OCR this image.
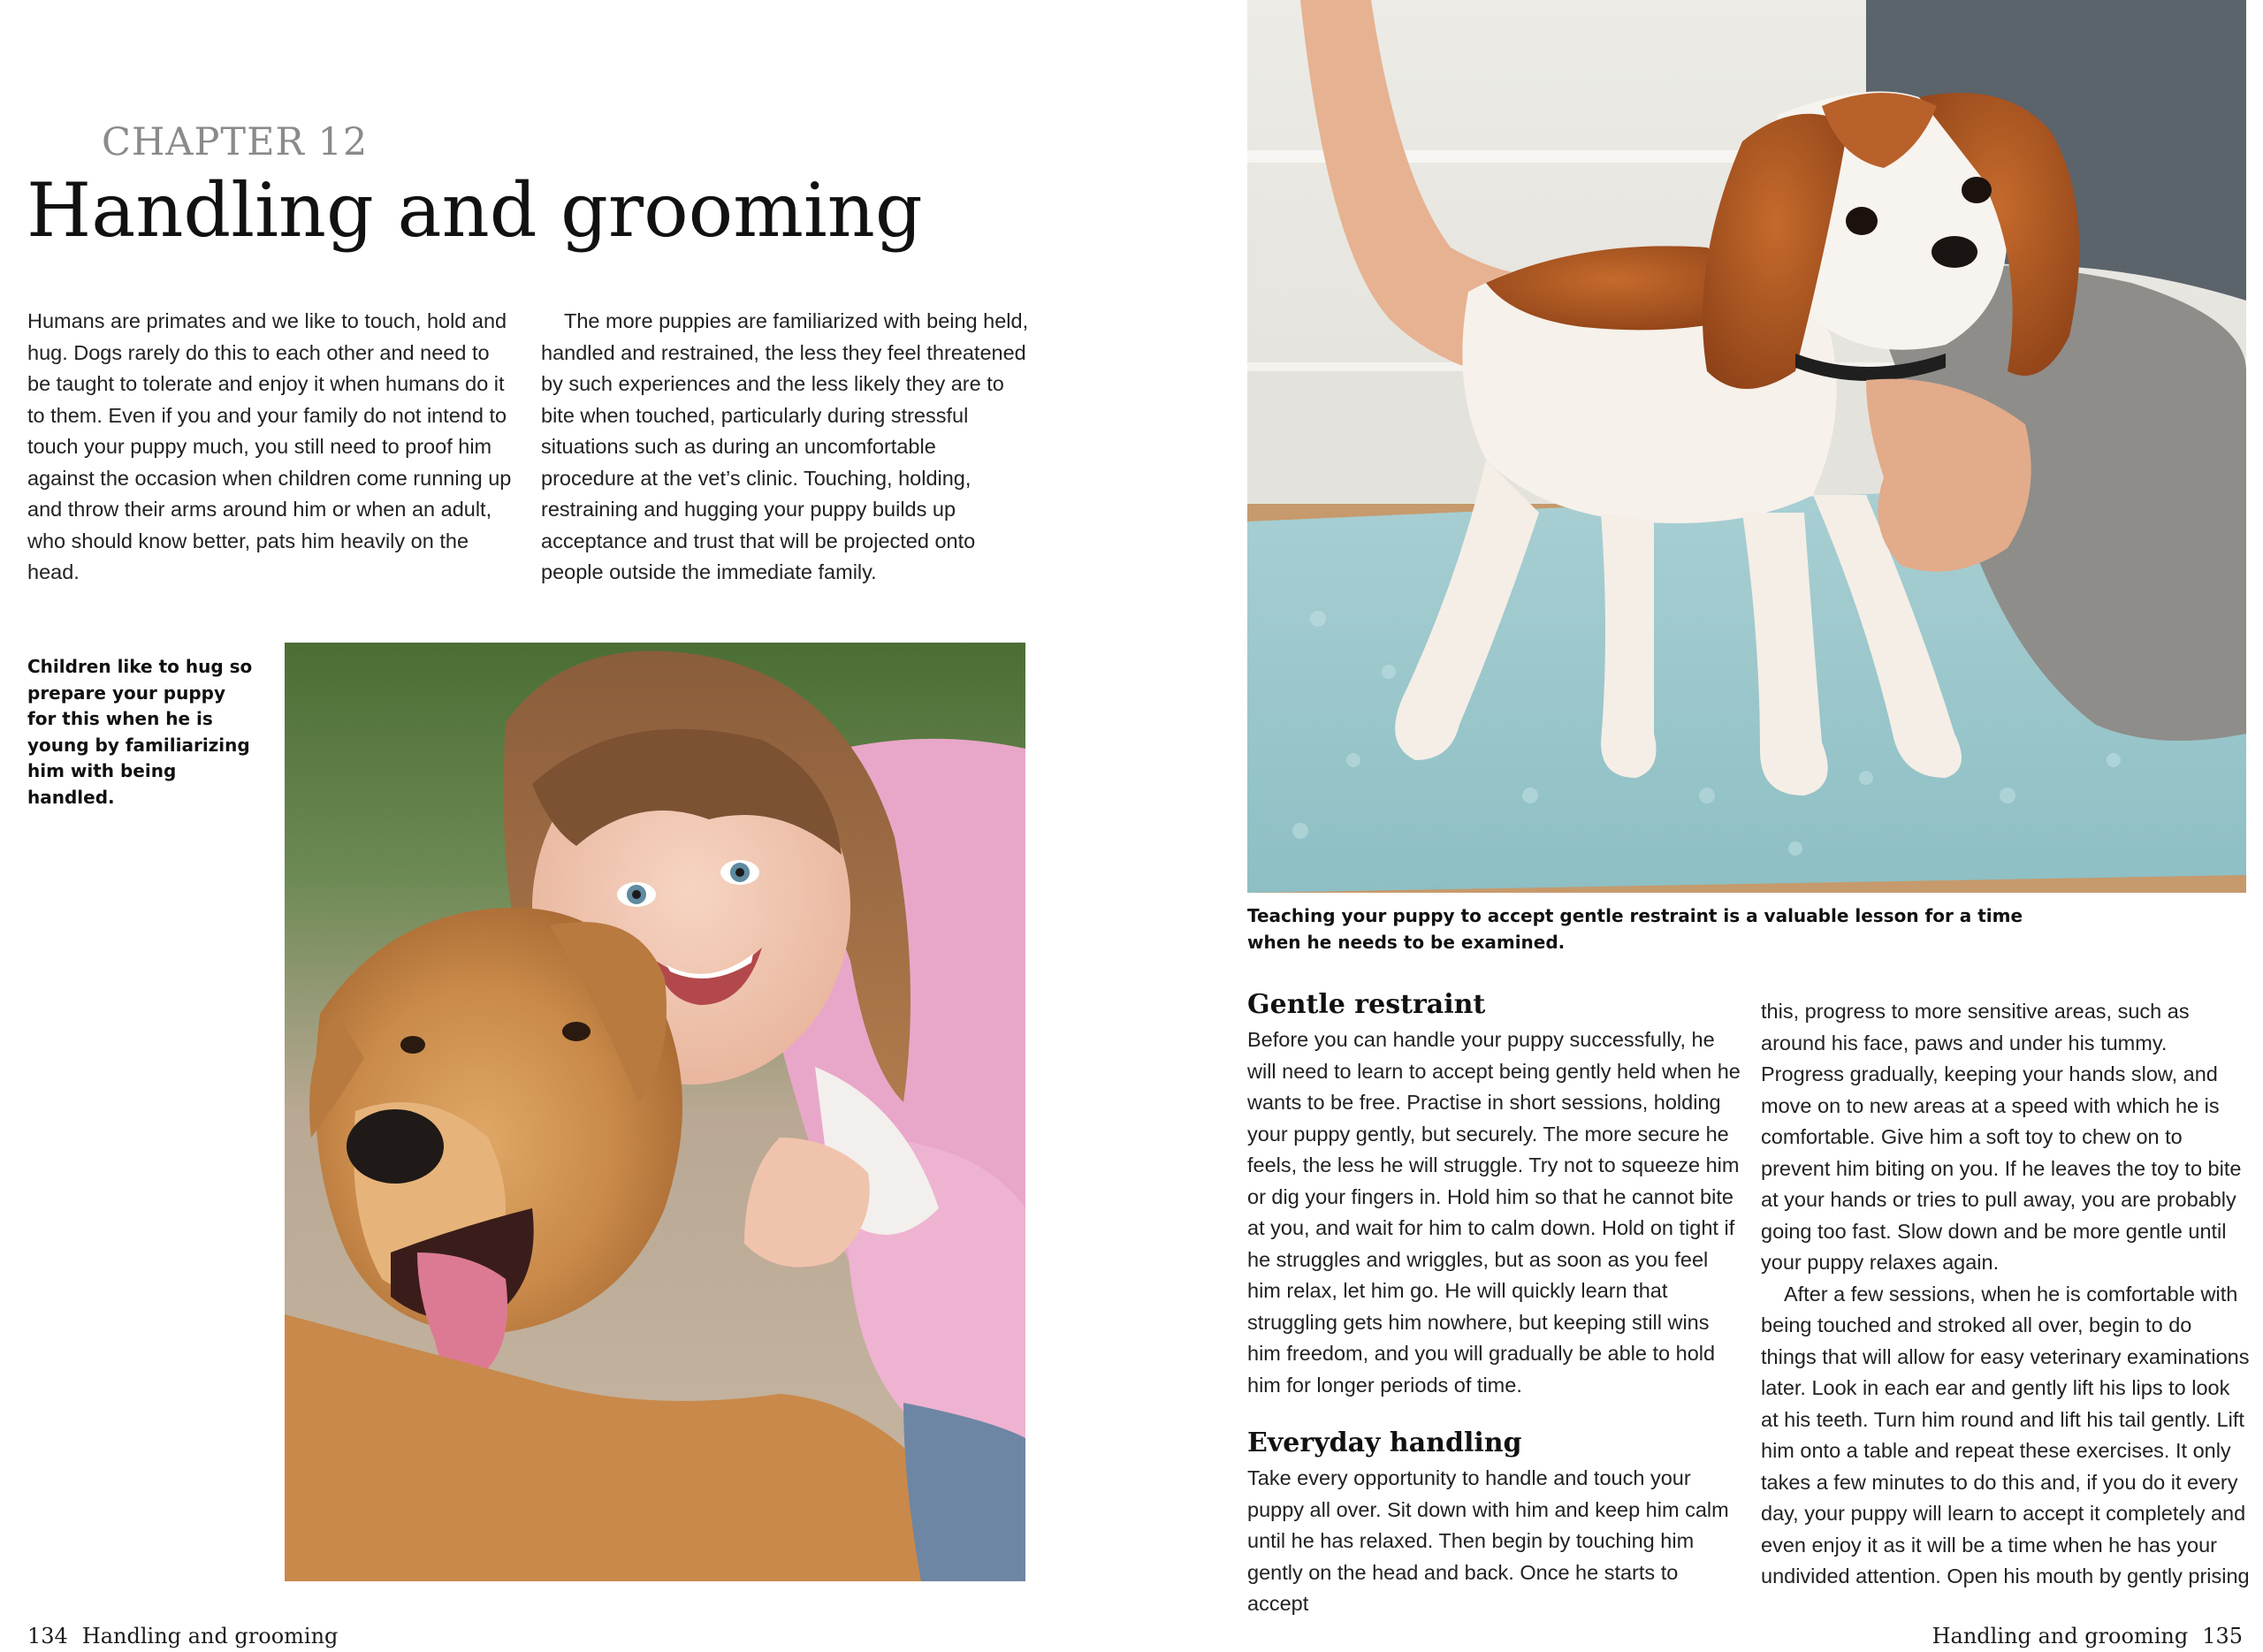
CHAPTER 12
Handling and grooming

Humans are primates and we like to touch, hold and hug. Dogs rarely do this to each other and need to be taught to tolerate and enjoy it when humans do it to them. Even if you and your family do not intend to touch your puppy much, you still need to proof him against the occasion when children come running up and throw their arms around him or when an adult, who should know better, pats him heavily on the head.

The more puppies are familiarized with being held, handled and restrained, the less they feel threatened by such experiences and the less likely they are to bite when touched, particularly during stressful situations such as during an uncomfortable procedure at the vet’s clinic. Touching, holding, restraining and hugging your puppy builds up acceptance and trust that will be projected onto people outside the immediate family.

Children like to hug so prepare your puppy for this when he is young by familiarizing him with being handled.
134 Handling and grooming
Teaching your puppy to accept gentle restraint is a valuable lesson for a time when he needs to be examined.
Gentle restraint

Before you can handle your puppy successfully, he will need to learn to accept being gently held when he wants to be free. Practise in short sessions, holding your puppy gently, but securely. The more secure he feels, the less he will struggle. Try not to squeeze him or dig your fingers in. Hold him so that he cannot bite at you, and wait for him to calm down. Hold on tight if he struggles and wriggles, but as soon as you feel him relax, let him go. He will quickly learn that struggling gets him nowhere, but keeping still wins him freedom, and you will gradually be able to hold him for longer periods of time.

Everyday handling

Take every opportunity to handle and touch your puppy all over. Sit down with him and keep him calm until he has relaxed. Then begin by touching him gently on the head and back. Once he starts to accept

this, progress to more sensitive areas, such as around his face, paws and under his tummy. Progress gradually, keeping your hands slow, and move on to new areas at a speed with which he is comfortable. Give him a soft toy to chew on to prevent him biting on you. If he leaves the toy to bite at your hands or tries to pull away, you are probably going too fast. Slow down and be more gentle until your puppy relaxes again.

After a few sessions, when he is comfortable with being touched and stroked all over, begin to do things that will allow for easy veterinary examinations later. Look in each ear and gently lift his lips to look at his teeth. Turn him round and lift his tail gently. Lift him onto a table and repeat these exercises. It only takes a few minutes to do this and, if you do it every day, your puppy will learn to accept it completely and even enjoy it as it will be a time when he has your undivided attention. Open his mouth by gently prising

Handling and grooming 135
